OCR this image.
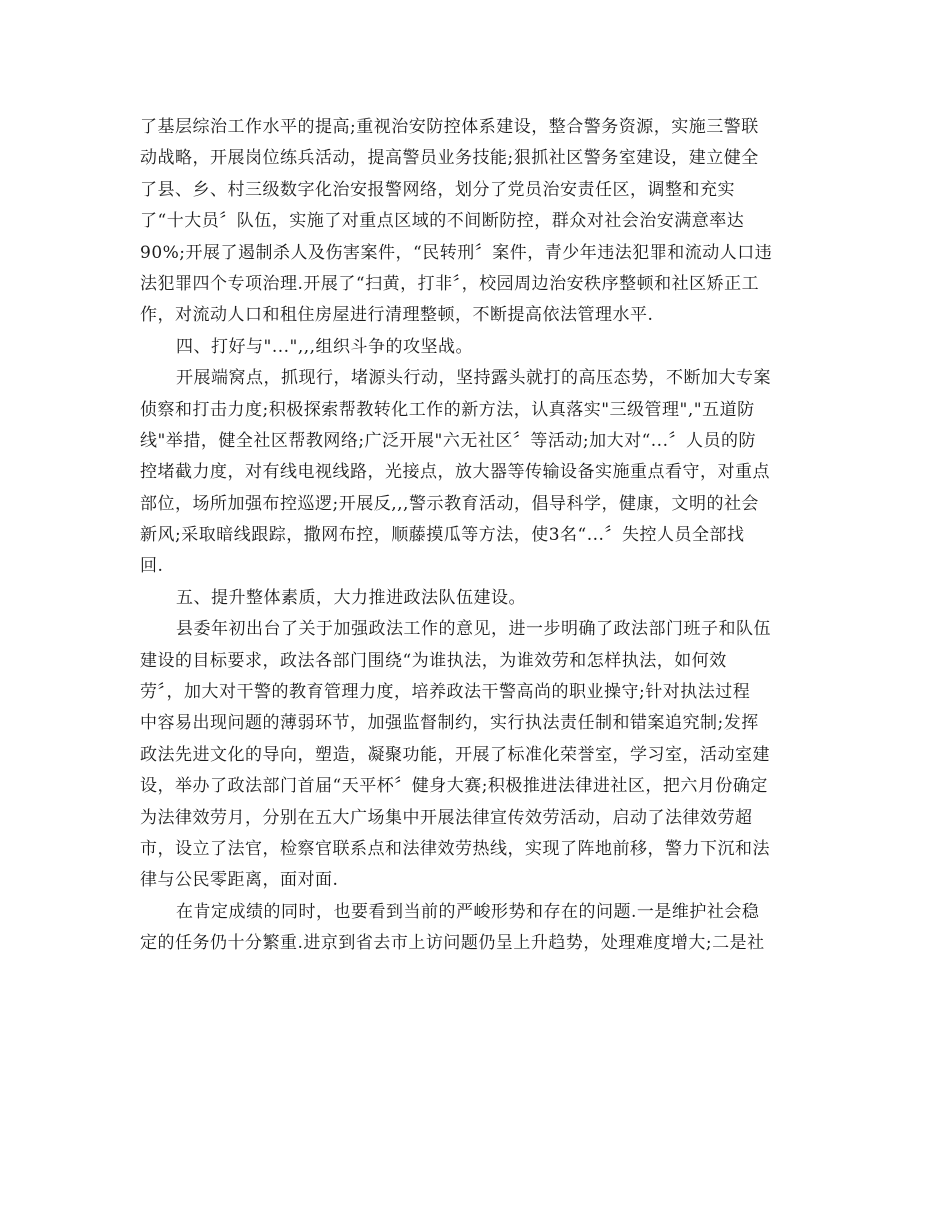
了基层综治工作水平的提高;重视治安防控体系建设，整合警务资源，实施三警联
动战略，开展岗位练兵活动，提高警员业务技能;狠抓社区警务室建设，建立健全
了县、乡、村三级数字化治安报警网络，划分了党员治安责任区，调整和充实
了“十大员〞队伍，实施了对重点区域的不间断防控，群众对社会治安满意率达
90%;开展了遏制杀人及伤害案件，“民转刑〞案件，青少年违法犯罪和流动人口违
法犯罪四个专项治理.开展了“扫黄，打非〞，校园周边治安秩序整顿和社区矫正工
作，对流动人口和租住房屋进行清理整顿，不断提高依法管理水平.
四、打好与"...",,,组织斗争的攻坚战。
开展端窝点，抓现行，堵源头行动，坚持露头就打的高压态势，不断加大专案
侦察和打击力度;积极探索帮教转化工作的新方法，认真落实"三级管理","五道防
线"举措，健全社区帮教网络;广泛开展"六无社区〞等活动;加大对“...〞人员的防
控堵截力度，对有线电视线路，光接点，放大器等传输设备实施重点看守，对重点
部位，场所加强布控巡逻;开展反,,,警示教育活动，倡导科学，健康，文明的社会
新风;采取暗线跟踪，撒网布控，顺藤摸瓜等方法，使3名“...〞失控人员全部找
回.
五、提升整体素质，大力推进政法队伍建设。
县委年初出台了关于加强政法工作的意见，进一步明确了政法部门班子和队伍
建设的目标要求，政法各部门围绕“为谁执法，为谁效劳和怎样执法，如何效
劳〞，加大对干警的教育管理力度，培养政法干警高尚的职业操守;针对执法过程
中容易出现问题的薄弱环节，加强监督制约，实行执法责任制和错案追究制;发挥
政法先进文化的导向，塑造，凝聚功能，开展了标准化荣誉室，学习室，活动室建
设，举办了政法部门首届“天平杯〞健身大赛;积极推进法律进社区，把六月份确定
为法律效劳月，分别在五大广场集中开展法律宣传效劳活动，启动了法律效劳超
市，设立了法官，检察官联系点和法律效劳热线，实现了阵地前移，警力下沉和法
律与公民零距离，面对面.
在肯定成绩的同时，也要看到当前的严峻形势和存在的问题.一是维护社会稳
定的任务仍十分繁重.进京到省去市上访问题仍呈上升趋势，处理难度增大;二是社
